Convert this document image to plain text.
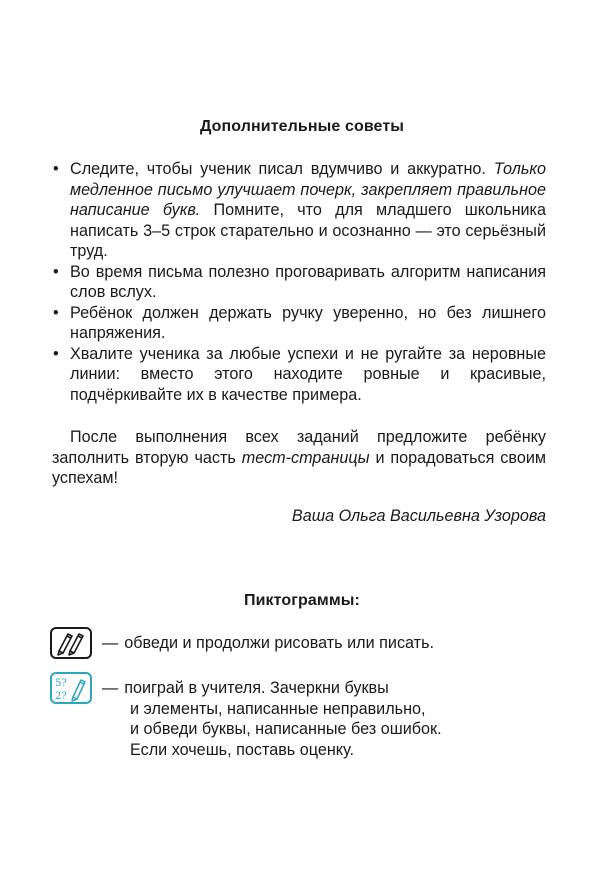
Дополнительные советы
• Следите, чтобы ученик писал вдумчиво и аккуратно. Только медленное письмо улучшает почерк, закрепляет правильное написание букв. Помните, что для младшего школьника написать 3–5 строк старательно и осознанно — это серьёзный труд.
• Во время письма полезно проговаривать алгоритм написания слов вслух.
• Ребёнок должен держать ручку уверенно, но без лишнего напряжения.
• Хвалите ученика за любые успехи и не ругайте за неровные линии: вместо этого находите ровные и красивые, подчёркивайте их в качестве примера.

После выполнения всех заданий предложите ребёнку заполнить вторую часть тест-страницы и порадоваться своим успехам!

Ваша Ольга Васильевна Узорова
Пиктограммы:
— обведи и продолжи рисовать или писать.
5?
2? — поиграй в учителя. Зачеркни буквы
и элементы, написанные неправильно,
и обведи буквы, написанные без ошибок.
Если хочешь, поставь оценку.
